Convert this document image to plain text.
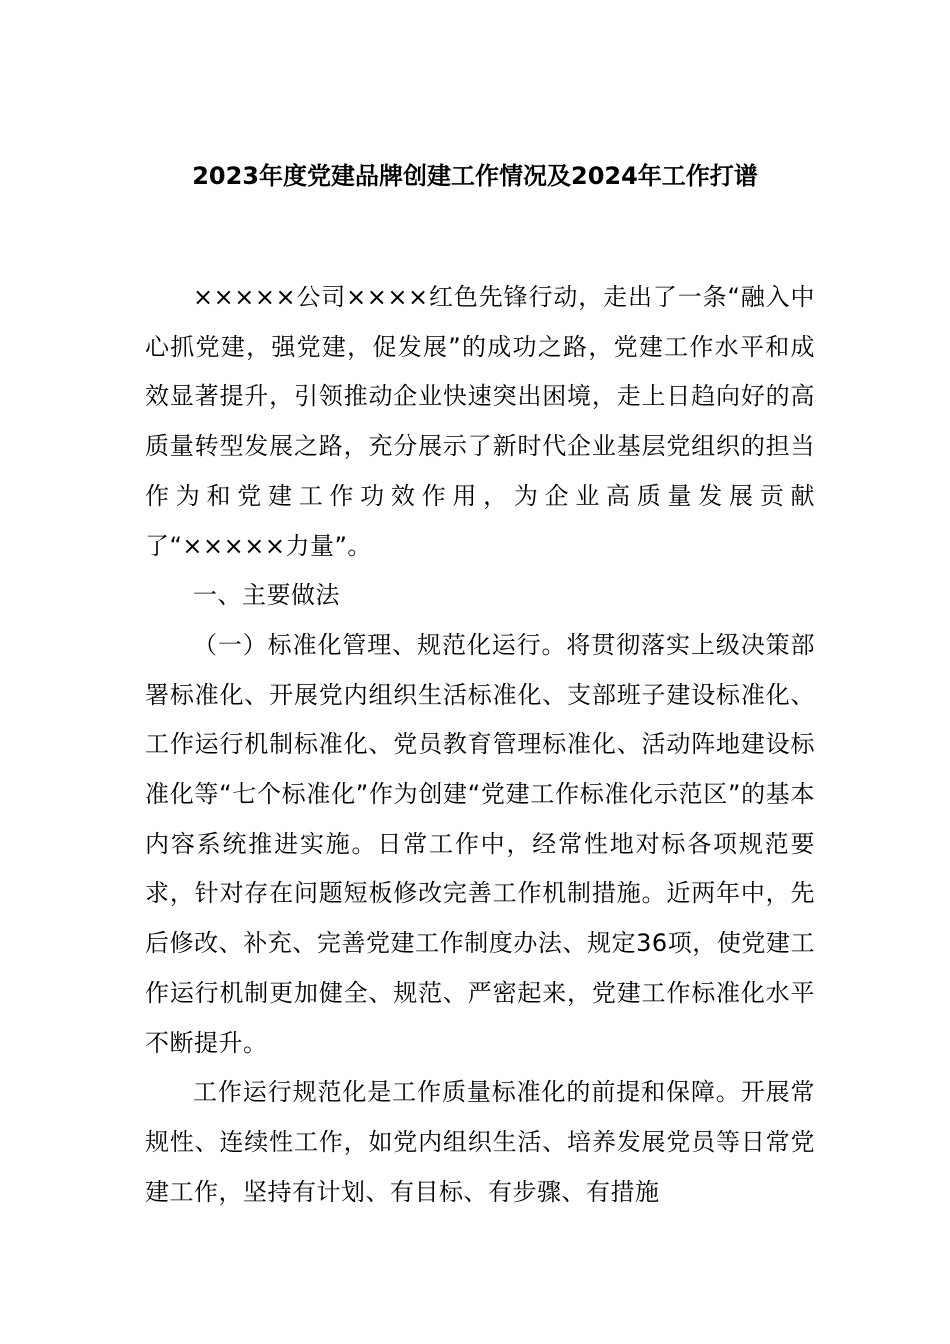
2023年度党建品牌创建工作情况及2024年工作打谱

×××××公司××××红色先锋行动，走出了一条“融入中心抓党建，强党建，促发展”的成功之路，党建工作水平和成效显著提升，引领推动企业快速突出困境，走上日趋向好的高质量转型发展之路，充分展示了新时代企业基层党组织的担当作为和党建工作功效作用，为企业高质量发展贡献了“×××××力量”。

一、主要做法

（一）标准化管理、规范化运行。将贯彻落实上级决策部署标准化、开展党内组织生活标准化、支部班子建设标准化、工作运行机制标准化、党员教育管理标准化、活动阵地建设标准化等“七个标准化”作为创建“党建工作标准化示范区”的基本内容系统推进实施。日常工作中，经常性地对标各项规范要求，针对存在问题短板修改完善工作机制措施。近两年中，先后修改、补充、完善党建工作制度办法、规定36项，使党建工作运行机制更加健全、规范、严密起来，党建工作标准化水平不断提升。

工作运行规范化是工作质量标准化的前提和保障。开展常规性、连续性工作，如党内组织生活、培养发展党员等日常党建工作，坚持有计划、有目标、有步骤、有措施
